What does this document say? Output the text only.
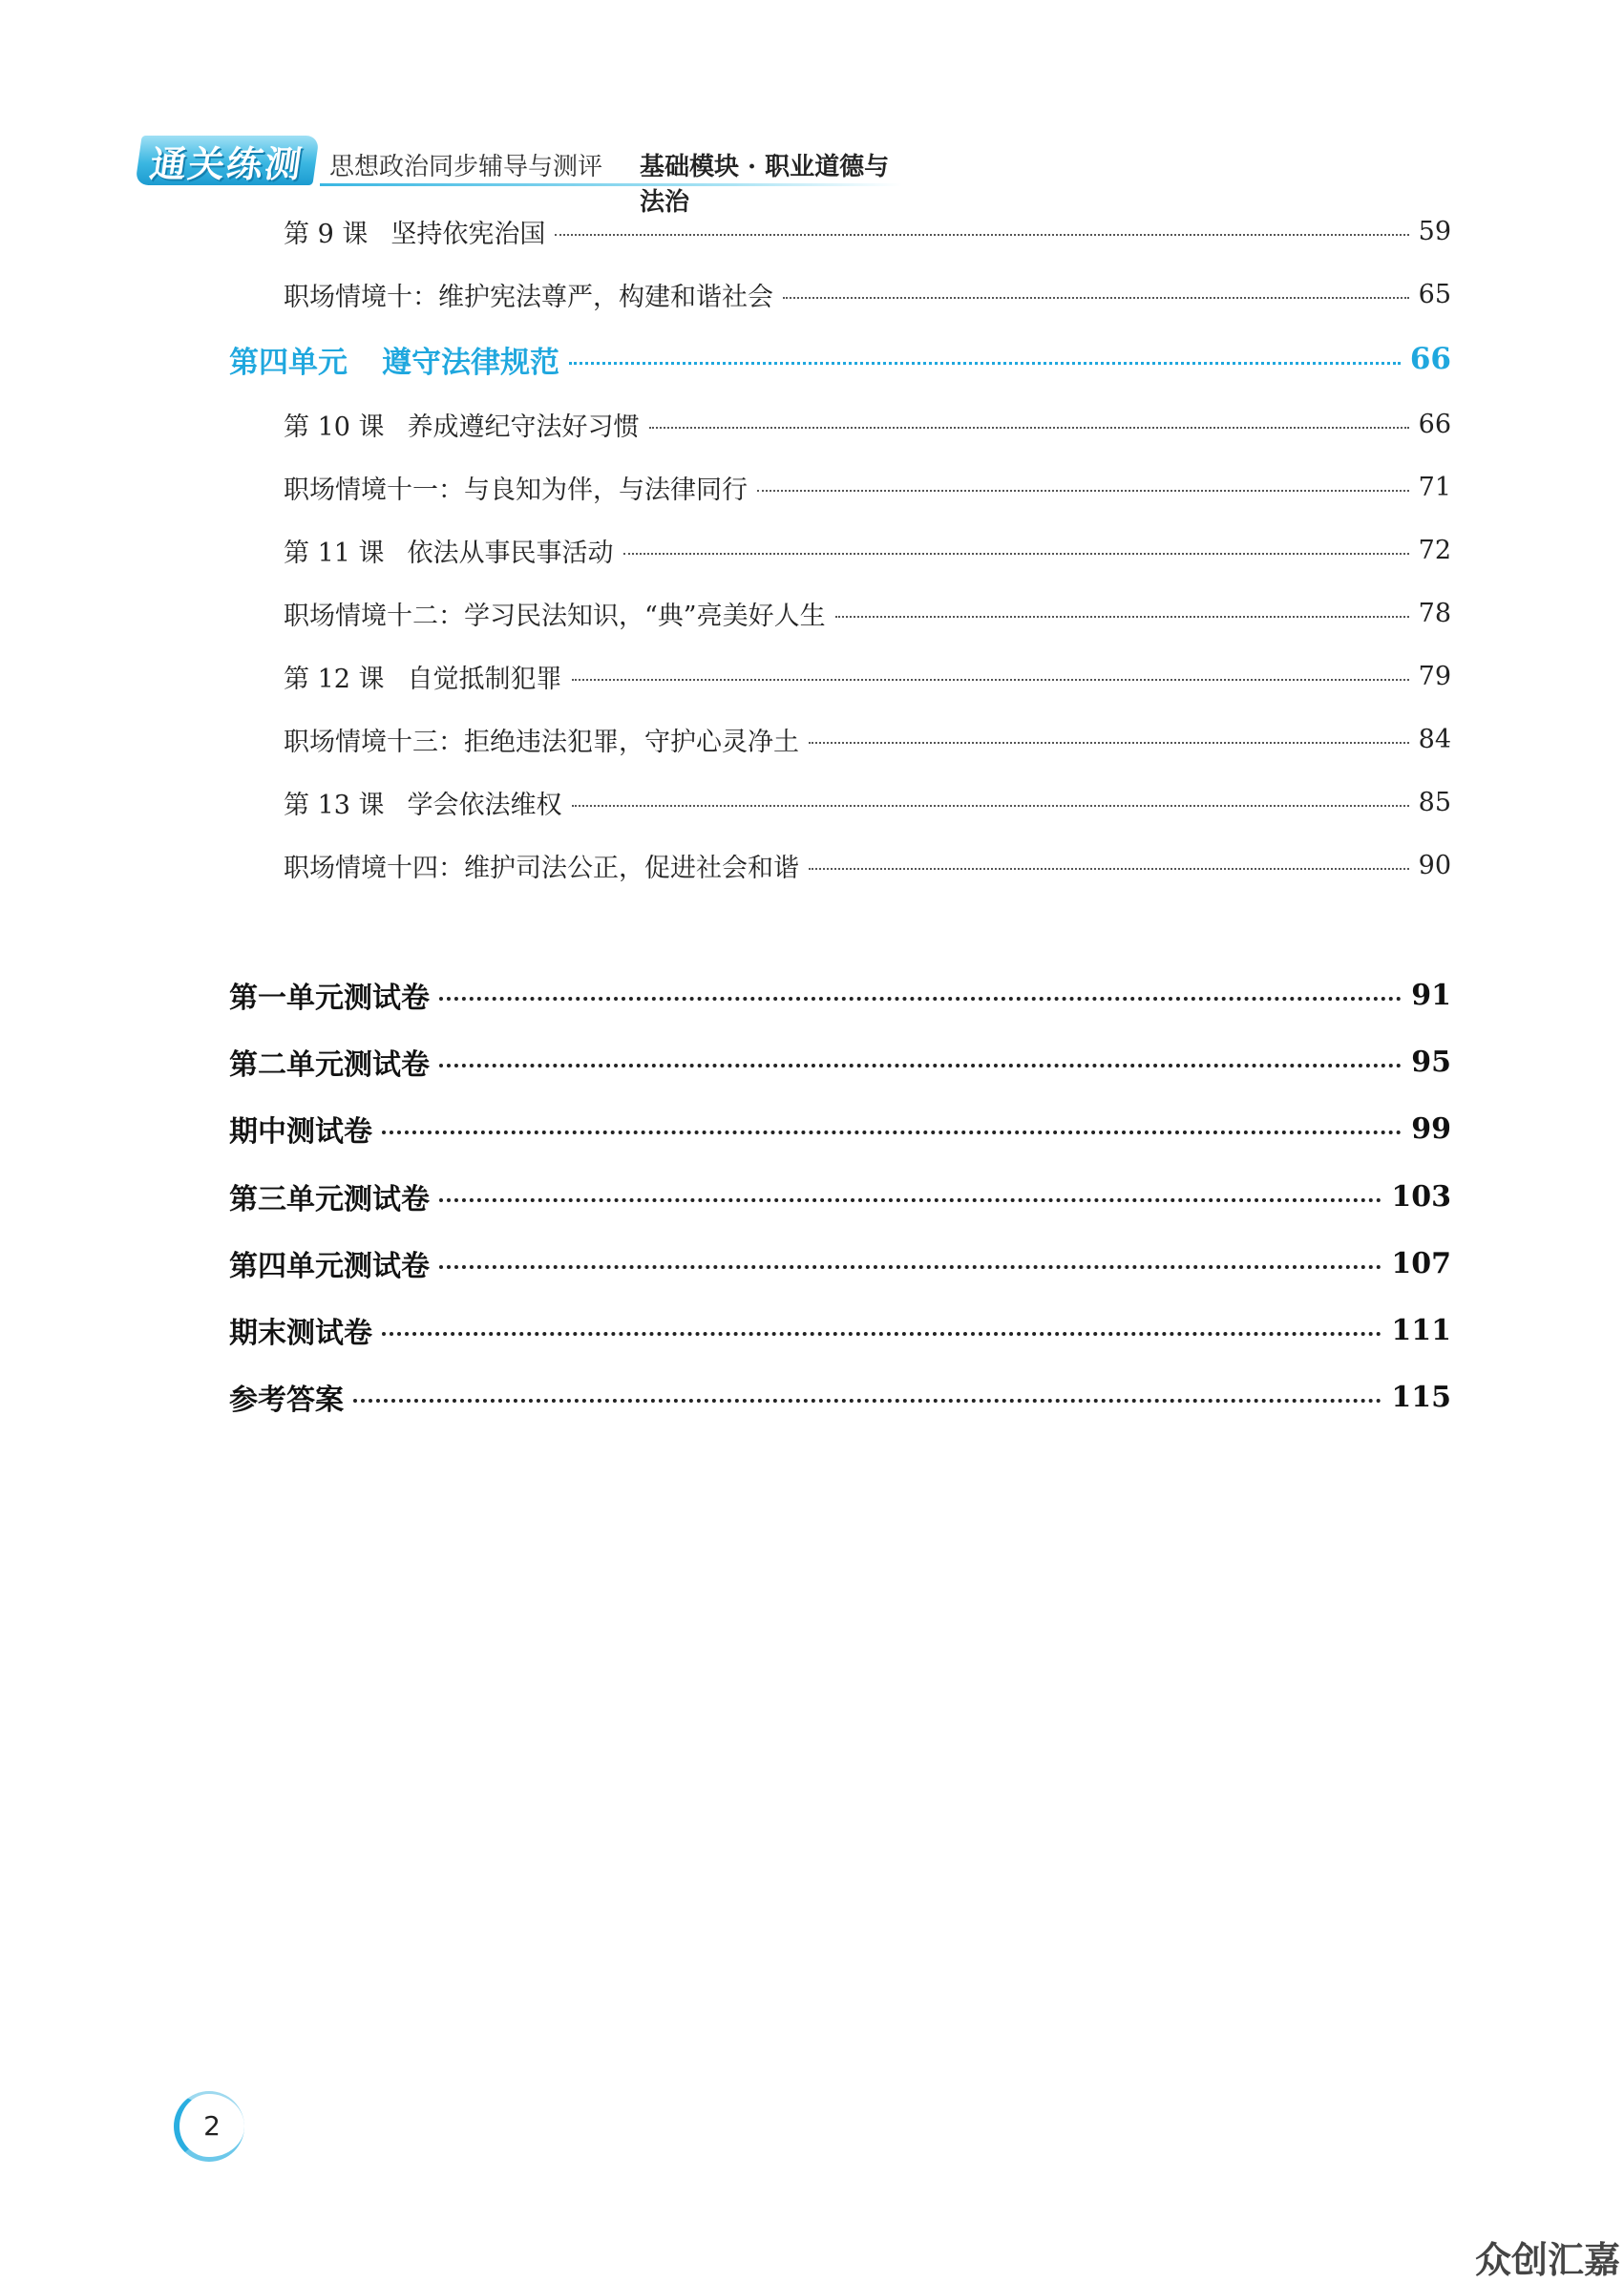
通关练测 思想政治同步辅导与测评 基础模块 · 职业道德与法治
第 9 课 坚持依宪治国	59
职场情境十：维护宪法尊严，构建和谐社会	65
第四单元 遵守法律规范	66
第 10 课 养成遵纪守法好习惯	66
职场情境十一：与良知为伴，与法律同行	71
第 11 课 依法从事民事活动	72
职场情境十二：学习民法知识，“典”亮美好人生	78
第 12 课 自觉抵制犯罪	79
职场情境十三：拒绝违法犯罪，守护心灵净土	84
第 13 课 学会依法维权	85
职场情境十四：维护司法公正，促进社会和谐	90
第一单元测试卷	91
第二单元测试卷	95
期中测试卷	99
第三单元测试卷	103
第四单元测试卷	107
期末测试卷	111
参考答案	115
2
众创汇嘉
